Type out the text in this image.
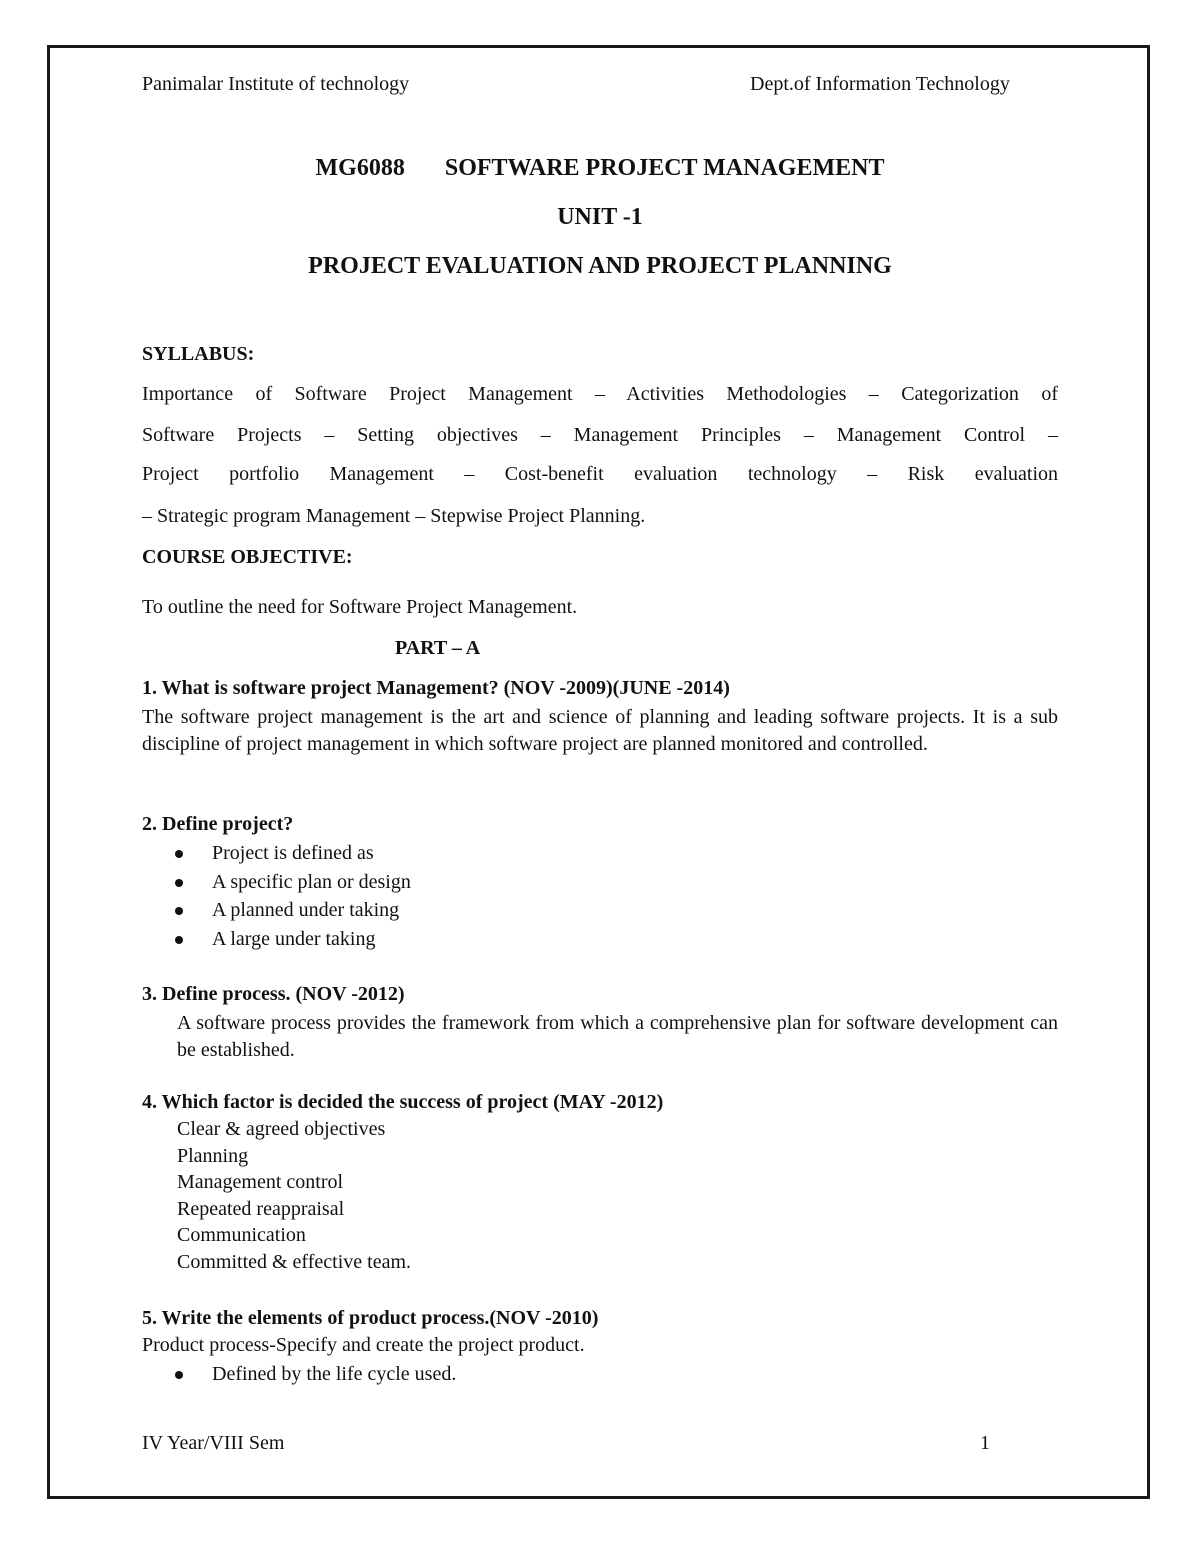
Panimalar Institute of technology	Dept.of Information Technology
MG6088 SOFTWARE PROJECT MANAGEMENT
UNIT -1
PROJECT EVALUATION AND PROJECT PLANNING
SYLLABUS:
Importance of Software Project Management – Activities Methodologies – Categorization of
Software Projects – Setting objectives – Management Principles – Management Control –
Project portfolio Management – Cost-benefit evaluation technology – Risk evaluation
– Strategic program Management – Stepwise Project Planning.
COURSE OBJECTIVE:
To outline the need for Software Project Management.
PART – A
1. What is software project Management? (NOV -2009)(JUNE -2014)
The software project management is the art and science of planning and leading software projects. It is a sub discipline of project management in which software project are planned monitored and controlled.
2. Define project?
Project is defined as
A specific plan or design
A planned under taking
A large under taking
3. Define process. (NOV -2012)
A software process provides the framework from which a comprehensive plan for software development can be established.
4. Which factor is decided the success of project (MAY -2012)
Clear & agreed objectives
Planning
Management control
Repeated reappraisal
Communication
Committed & effective team.
5. Write the elements of product process.(NOV -2010)
Product process-Specify and create the project product.
Defined by the life cycle used.
IV Year/VIII Sem	1
